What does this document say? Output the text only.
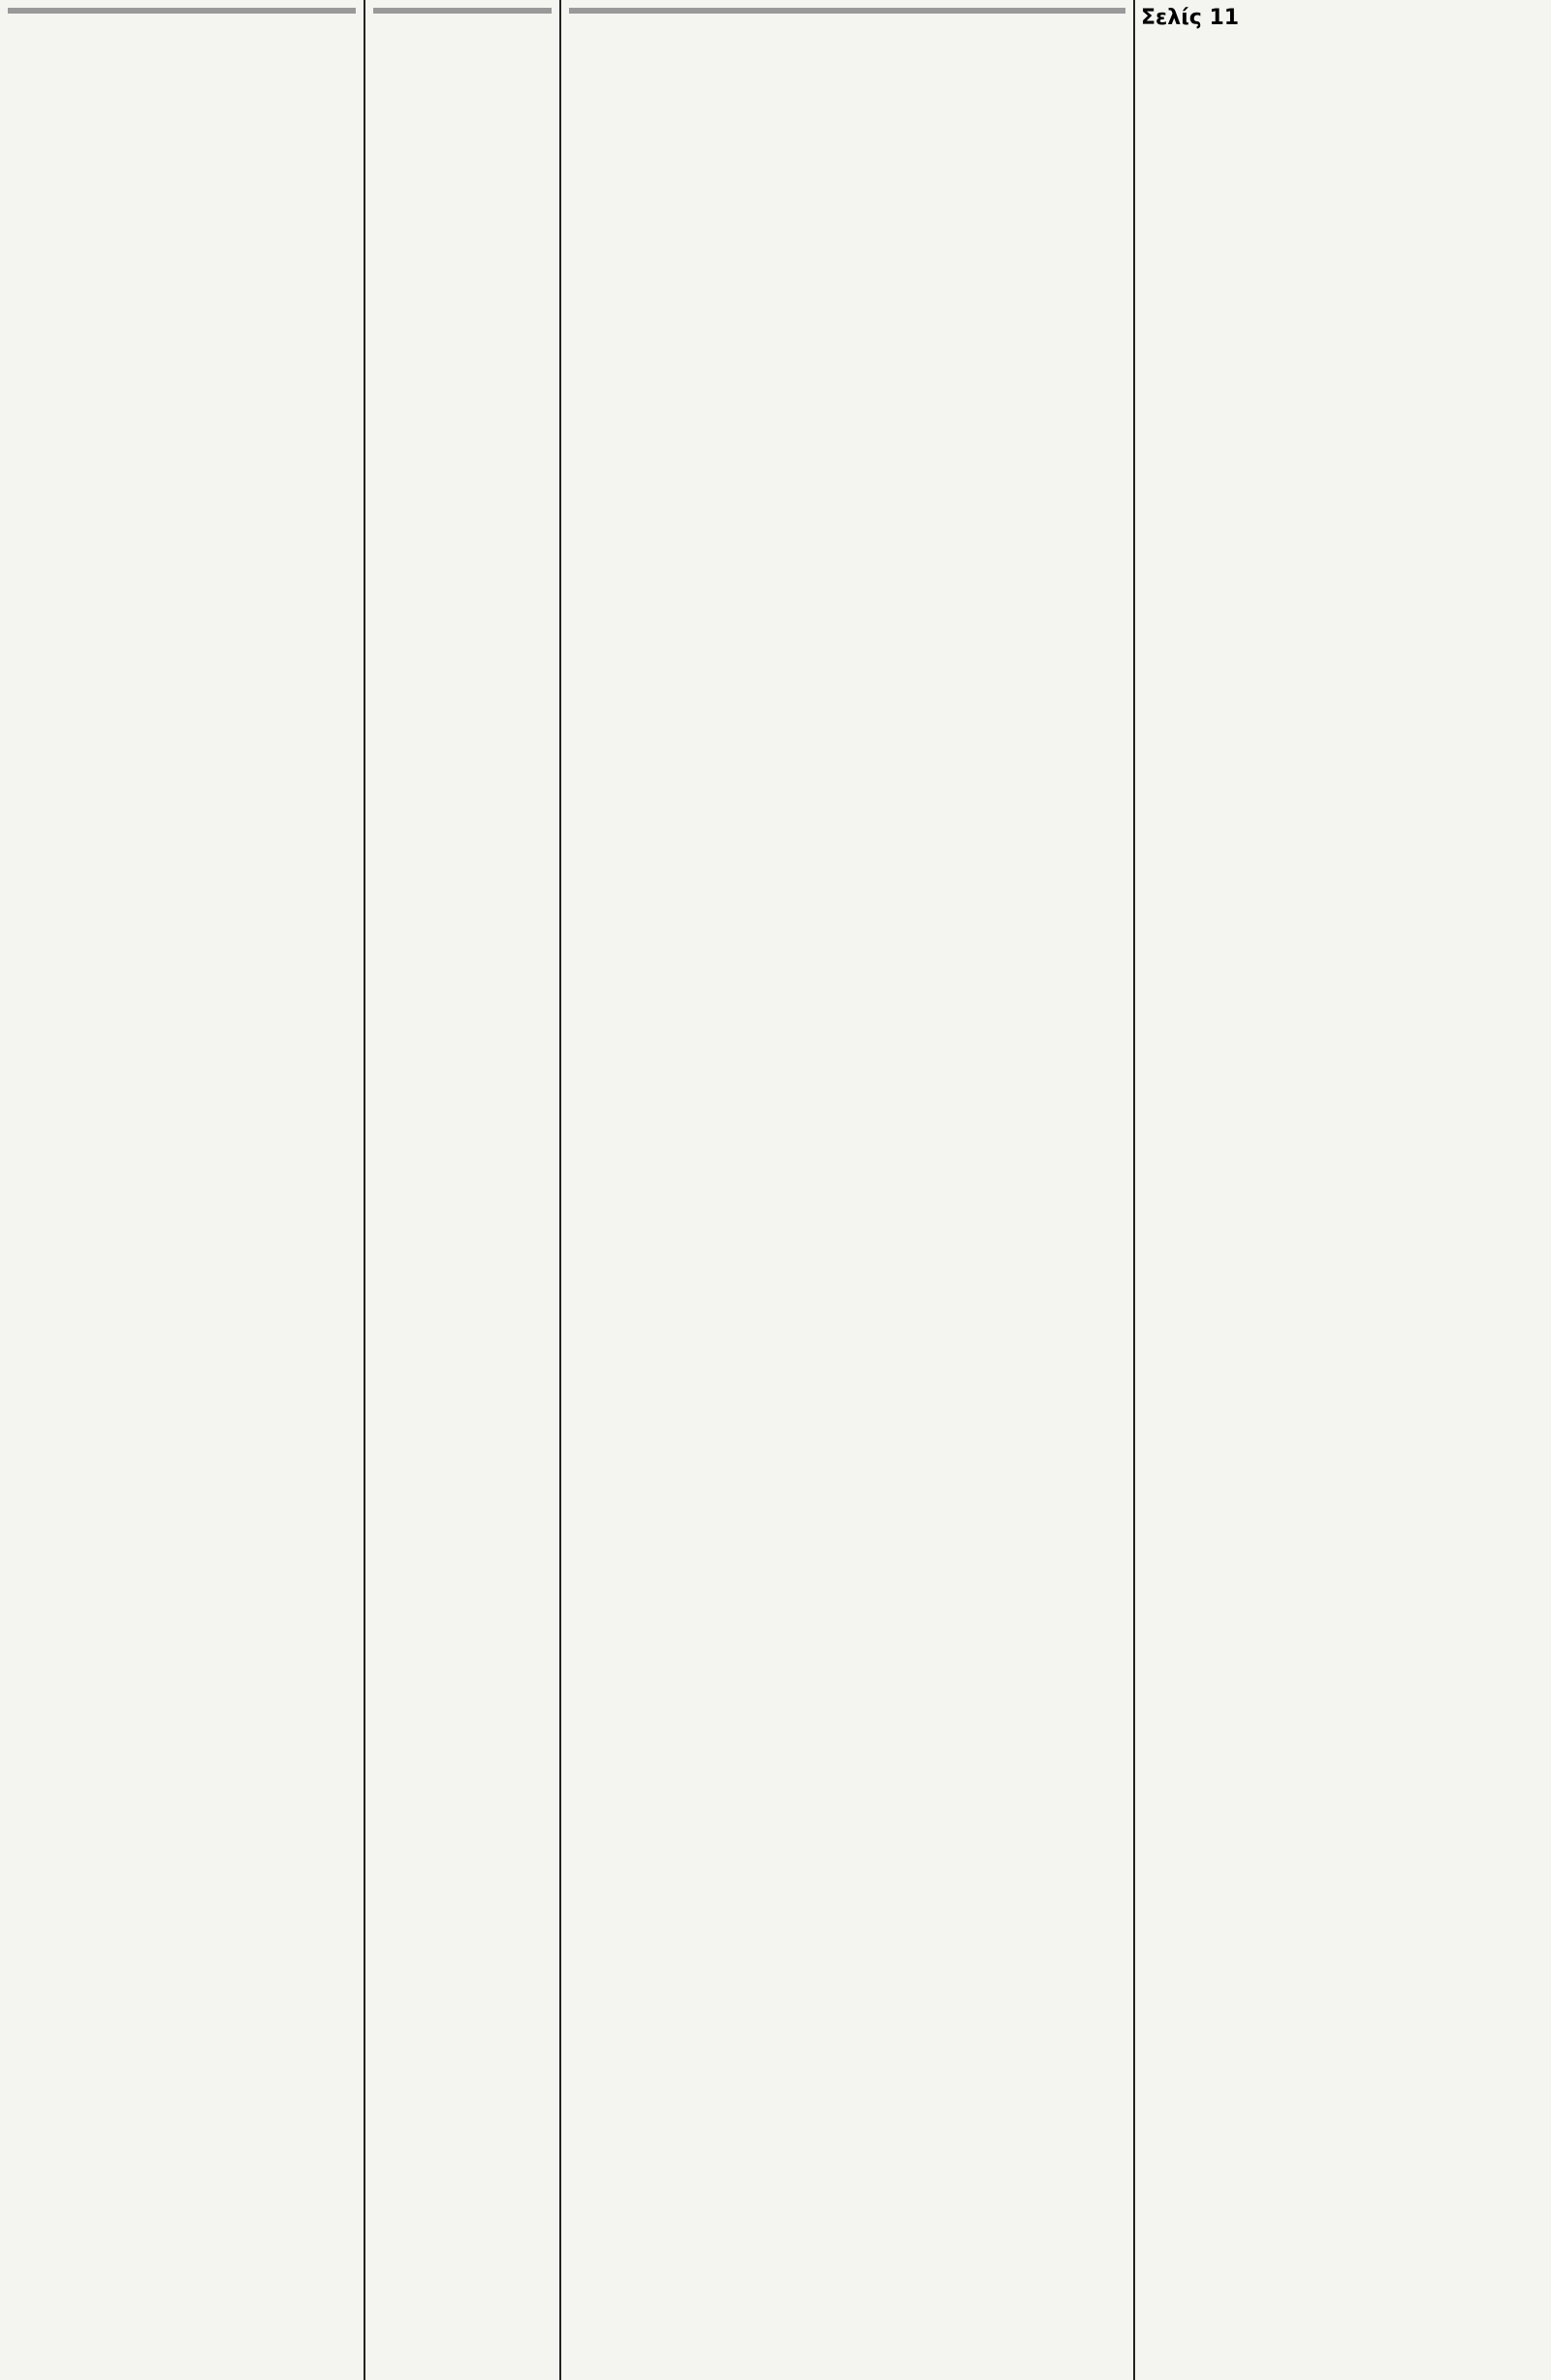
Σελίς 11
